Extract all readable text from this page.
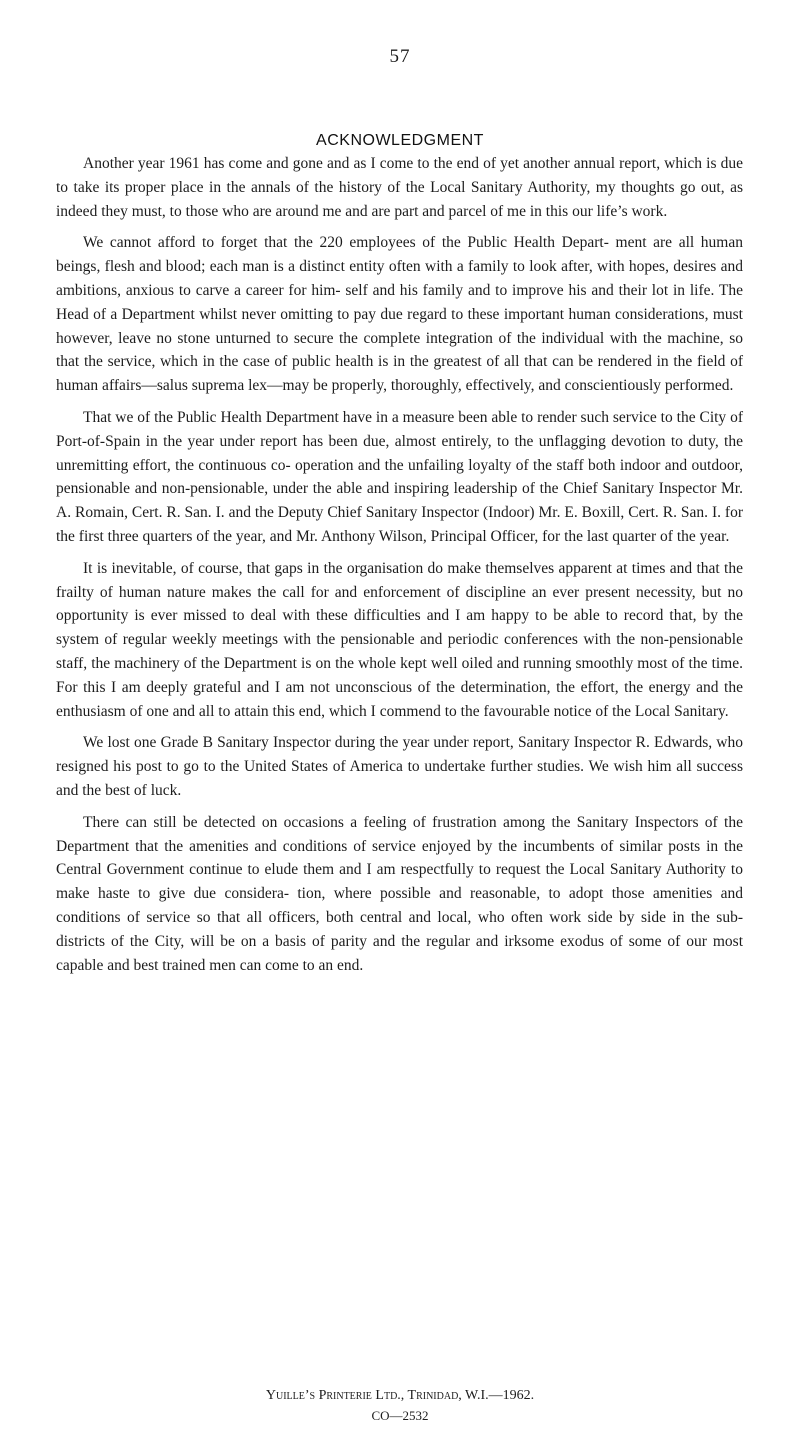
57
ACKNOWLEDGMENT

Another year 1961 has come and gone and as I come to the end of yet another annual report, which is due to take its proper place in the annals of the history of the Local Sanitary Authority, my thoughts go out, as indeed they must, to those who are around me and are part and parcel of me in this our life’s work.

We cannot afford to forget that the 220 employees of the Public Health Depart- ment are all human beings, flesh and blood; each man is a distinct entity often with a family to look after, with hopes, desires and ambitions, anxious to carve a career for him- self and his family and to improve his and their lot in life. The Head of a Department whilst never omitting to pay due regard to these important human considerations, must however, leave no stone unturned to secure the complete integration of the individual with the machine, so that the service, which in the case of public health is in the greatest of all that can be rendered in the field of human affairs—salus suprema lex—may be properly, thoroughly, effectively, and conscientiously performed.

That we of the Public Health Department have in a measure been able to render such service to the City of Port-of-Spain in the year under report has been due, almost entirely, to the unflagging devotion to duty, the unremitting effort, the continuous co- operation and the unfailing loyalty of the staff both indoor and outdoor, pensionable and non-pensionable, under the able and inspiring leadership of the Chief Sanitary Inspector Mr. A. Romain, Cert. R. San. I. and the Deputy Chief Sanitary Inspector (Indoor) Mr. E. Boxill, Cert. R. San. I. for the first three quarters of the year, and Mr. Anthony Wilson, Principal Officer, for the last quarter of the year.

It is inevitable, of course, that gaps in the organisation do make themselves apparent at times and that the frailty of human nature makes the call for and enforcement of discipline an ever present necessity, but no opportunity is ever missed to deal with these difficulties and I am happy to be able to record that, by the system of regular weekly meetings with the pensionable and periodic conferences with the non-pensionable staff, the machinery of the Department is on the whole kept well oiled and running smoothly most of the time. For this I am deeply grateful and I am not unconscious of the determination, the effort, the energy and the enthusiasm of one and all to attain this end, which I commend to the favourable notice of the Local Sanitary.

We lost one Grade B Sanitary Inspector during the year under report, Sanitary Inspector R. Edwards, who resigned his post to go to the United States of America to undertake further studies. We wish him all success and the best of luck.

There can still be detected on occasions a feeling of frustration among the Sanitary Inspectors of the Department that the amenities and conditions of service enjoyed by the incumbents of similar posts in the Central Government continue to elude them and I am respectfully to request the Local Sanitary Authority to make haste to give due considera- tion, where possible and reasonable, to adopt those amenities and conditions of service so that all officers, both central and local, who often work side by side in the sub-districts of the City, will be on a basis of parity and the regular and irksome exodus of some of our most capable and best trained men can come to an end.

Yuille’s Printerie Ltd., Trinidad, W.I.—1962.
CO—2532
